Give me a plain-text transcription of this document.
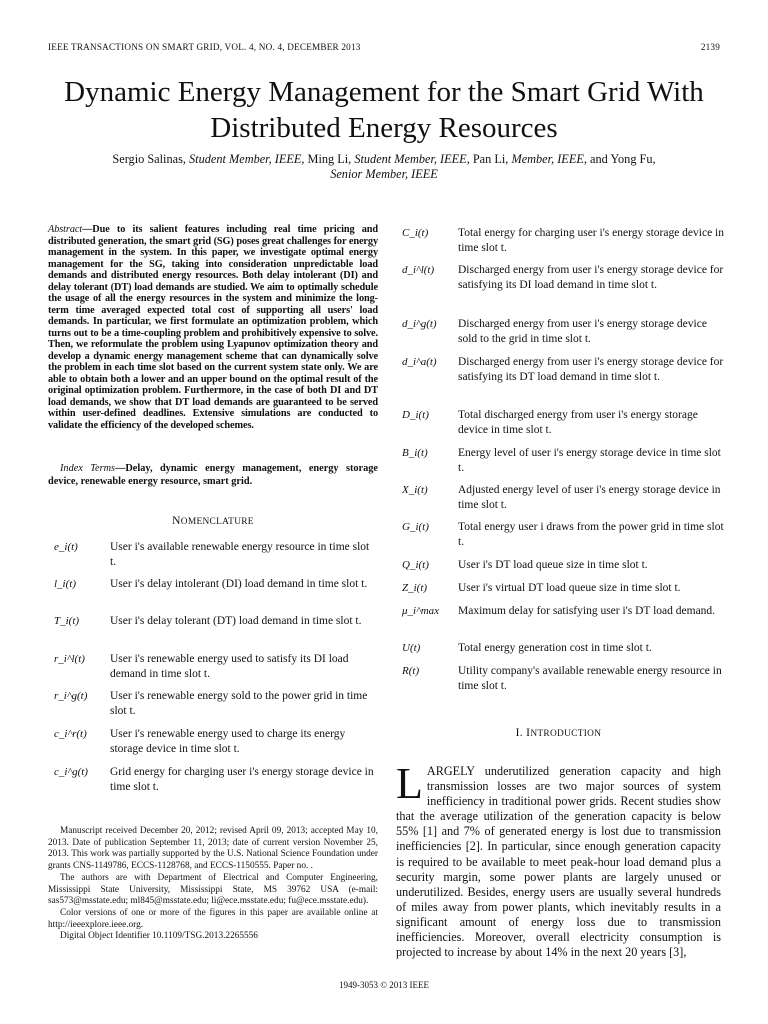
IEEE TRANSACTIONS ON SMART GRID, VOL. 4, NO. 4, DECEMBER 2013	2139
Dynamic Energy Management for the Smart Grid With Distributed Energy Resources
Sergio Salinas, Student Member, IEEE, Ming Li, Student Member, IEEE, Pan Li, Member, IEEE, and Yong Fu, Senior Member, IEEE
Abstract—Due to its salient features including real time pricing and distributed generation, the smart grid (SG) poses great challenges for energy management in the system. In this paper, we investigate optimal energy management for the SG, taking into consideration unpredictable load demands and distributed energy resources. Both delay intolerant (DI) and delay tolerant (DT) load demands are studied. We aim to optimally schedule the usage of all the energy resources in the system and minimize the long-term time averaged expected total cost of supporting all users' load demands. In particular, we first formulate an optimization problem, which turns out to be a time-coupling problem and prohibitively expensive to solve. Then, we reformulate the problem using Lyapunov optimization theory and develop a dynamic energy management scheme that can dynamically solve the problem in each time slot based on the current system state only. We are able to obtain both a lower and an upper bound on the optimal result of the original optimization problem. Furthermore, in the case of both DI and DT load demands, we show that DT load demands are guaranteed to be served within user-defined deadlines. Extensive simulations are conducted to validate the efficiency of the developed schemes.
Index Terms—Delay, dynamic energy management, energy storage device, renewable energy resource, smart grid.
NOMENCLATURE
e_i(t)	User i's available renewable energy resource in time slot t.
l_i(t)	User i's delay intolerant (DI) load demand in time slot t.
T_i(t)	User i's delay tolerant (DT) load demand in time slot t.
r_i^l(t)	User i's renewable energy used to satisfy its DI load demand in time slot t.
r_i^g(t)	User i's renewable energy sold to the power grid in time slot t.
c_i^r(t)	User i's renewable energy used to charge its energy storage device in time slot t.
c_i^g(t)	Grid energy for charging user i's energy storage device in time slot t.

Manuscript received December 20, 2012; revised April 09, 2013; accepted May 10, 2013. Date of publication September 11, 2013; date of current version November 25, 2013. This work was partially supported by the U.S. National Science Foundation under grants CNS-1149786, ECCS-1128768, and ECCS-1150555. Paper no. .

The authors are with Department of Electrical and Computer Engineering, Mississippi State University, Mississippi State, MS 39762 USA (e-mail: sas573@msstate.edu; ml845@msstate.edu; li@ece.msstate.edu; fu@ece.msstate.edu).

Color versions of one or more of the figures in this paper are available online at http://ieeexplore.ieee.org.

Digital Object Identifier 10.1109/TSG.2013.2265556

C_i(t)	Total energy for charging user i's energy storage device in time slot t.
d_i^l(t)	Discharged energy from user i's energy storage device for satisfying its DI load demand in time slot t.
d_i^g(t)	Discharged energy from user i's energy storage device sold to the grid in time slot t.
d_i^a(t)	Discharged energy from user i's energy storage device for satisfying its DT load demand in time slot t.
D_i(t)	Total discharged energy from user i's energy storage device in time slot t.
B_i(t)	Energy level of user i's energy storage device in time slot t.
X_i(t)	Adjusted energy level of user i's energy storage device in time slot t.
G_i(t)	Total energy user i draws from the power grid in time slot t.
Q_i(t)	User i's DT load queue size in time slot t.
Z_i(t)	User i's virtual DT load queue size in time slot t.
μ_i^max	Maximum delay for satisfying user i's DT load demand.
U(t)	Total energy generation cost in time slot t.
R(t)	Utility company's available renewable energy resource in time slot t.
I. INTRODUCTION
LARGELY underutilized generation capacity and high transmission losses are two major sources of system inefficiency in traditional power grids. Recent studies show that the average utilization of the generation capacity is below 55% [1] and 7% of generated energy is lost due to transmission inefficiencies [2]. In particular, since enough generation capacity is required to be available to meet peak-hour load demand plus a security margin, some power plants are largely unused or underutilized. Besides, energy users are usually several hundreds of miles away from power plants, which inevitably results in a significant amount of energy loss due to transmission inefficiencies. Moreover, overall electricity consumption is projected to increase by about 14% in the next 20 years [3],
1949-3053 © 2013 IEEE
